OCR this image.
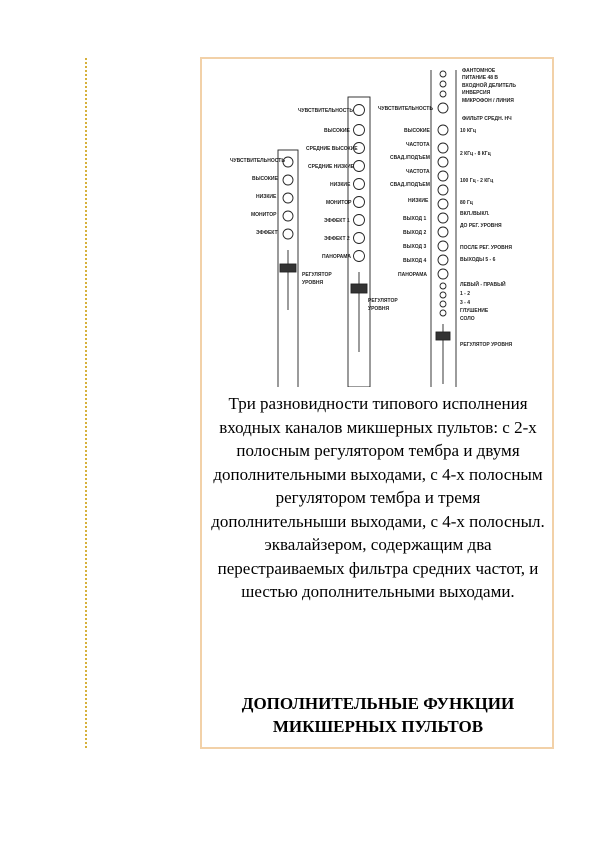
ЧУВСТВИТЕЛЬНОСТЬ
ВЫСОКИЕ
НИЗКИЕ
МОНИТОР
ЭФФЕКТ
РЕГУЛЯТОР
УРОВНЯ
ЧУВСТВИТЕЛЬНОСТЬ
ВЫСОКИЕ
СРЕДНИЕ ВЫСОКИЕ
СРЕДНИЕ НИЗКИЕ
НИЗКИЕ
МОНИТОР
ЭФФЕКТ 1
ЭФФЕКТ 2
ПАНОРАМА
РЕГУЛЯТОР
УРОВНЯ
ЧУВСТВИТЕЛЬНОСТЬ
ВЫСОКИЕ
ЧАСТОТА
СВАД./ПОДЪЕМ
ЧАСТОТА
СВАД./ПОДЪЕМ
НИЗКИЕ
ВЫХОД 1
ВЫХОД 2
ВЫХОД 3
ВЫХОД 4
ПАНОРАМА
ФАНТОМНОЕ
ПИТАНИЕ 48 В
ВХОДНОЙ ДЕЛИТЕЛЬ
ИНВЕРСИЯ
МИКРОФОН / ЛИНИЯ
ФИЛЬТР СРЕДН. НЧ
10 КГц
2 КГц - 8 КГц
100 Гц - 2 КГц
80 Гц
ВКЛ./ВЫКЛ.
ДО РЕГ. УРОВНЯ
ПОСЛЕ РЕГ. УРОВНЯ
ВЫХОДЫ 5 - 6
ЛЕВЫЙ - ПРАВЫЙ
1 - 2
3 - 4
ГЛУШЕНИЕ
СОЛО
РЕГУЛЯТОР УРОВНЯ

Три разновидности типового исполнения входных каналов микшерных пультов: с 2-х полосным регулятором тембра и двумя дополнительными выходами, с 4-х полосным регулятором тембра и тремя дополнительныши выходами, с 4-х полосныл. эквалайзером, содержащим два перестраиваемых фильтра средних частот, и шестью дополнительными выходами.

ДОПОЛНИТЕЛЬНЫЕ ФУНКЦИИ
МИКШЕРНЫХ ПУЛЬТОВ
